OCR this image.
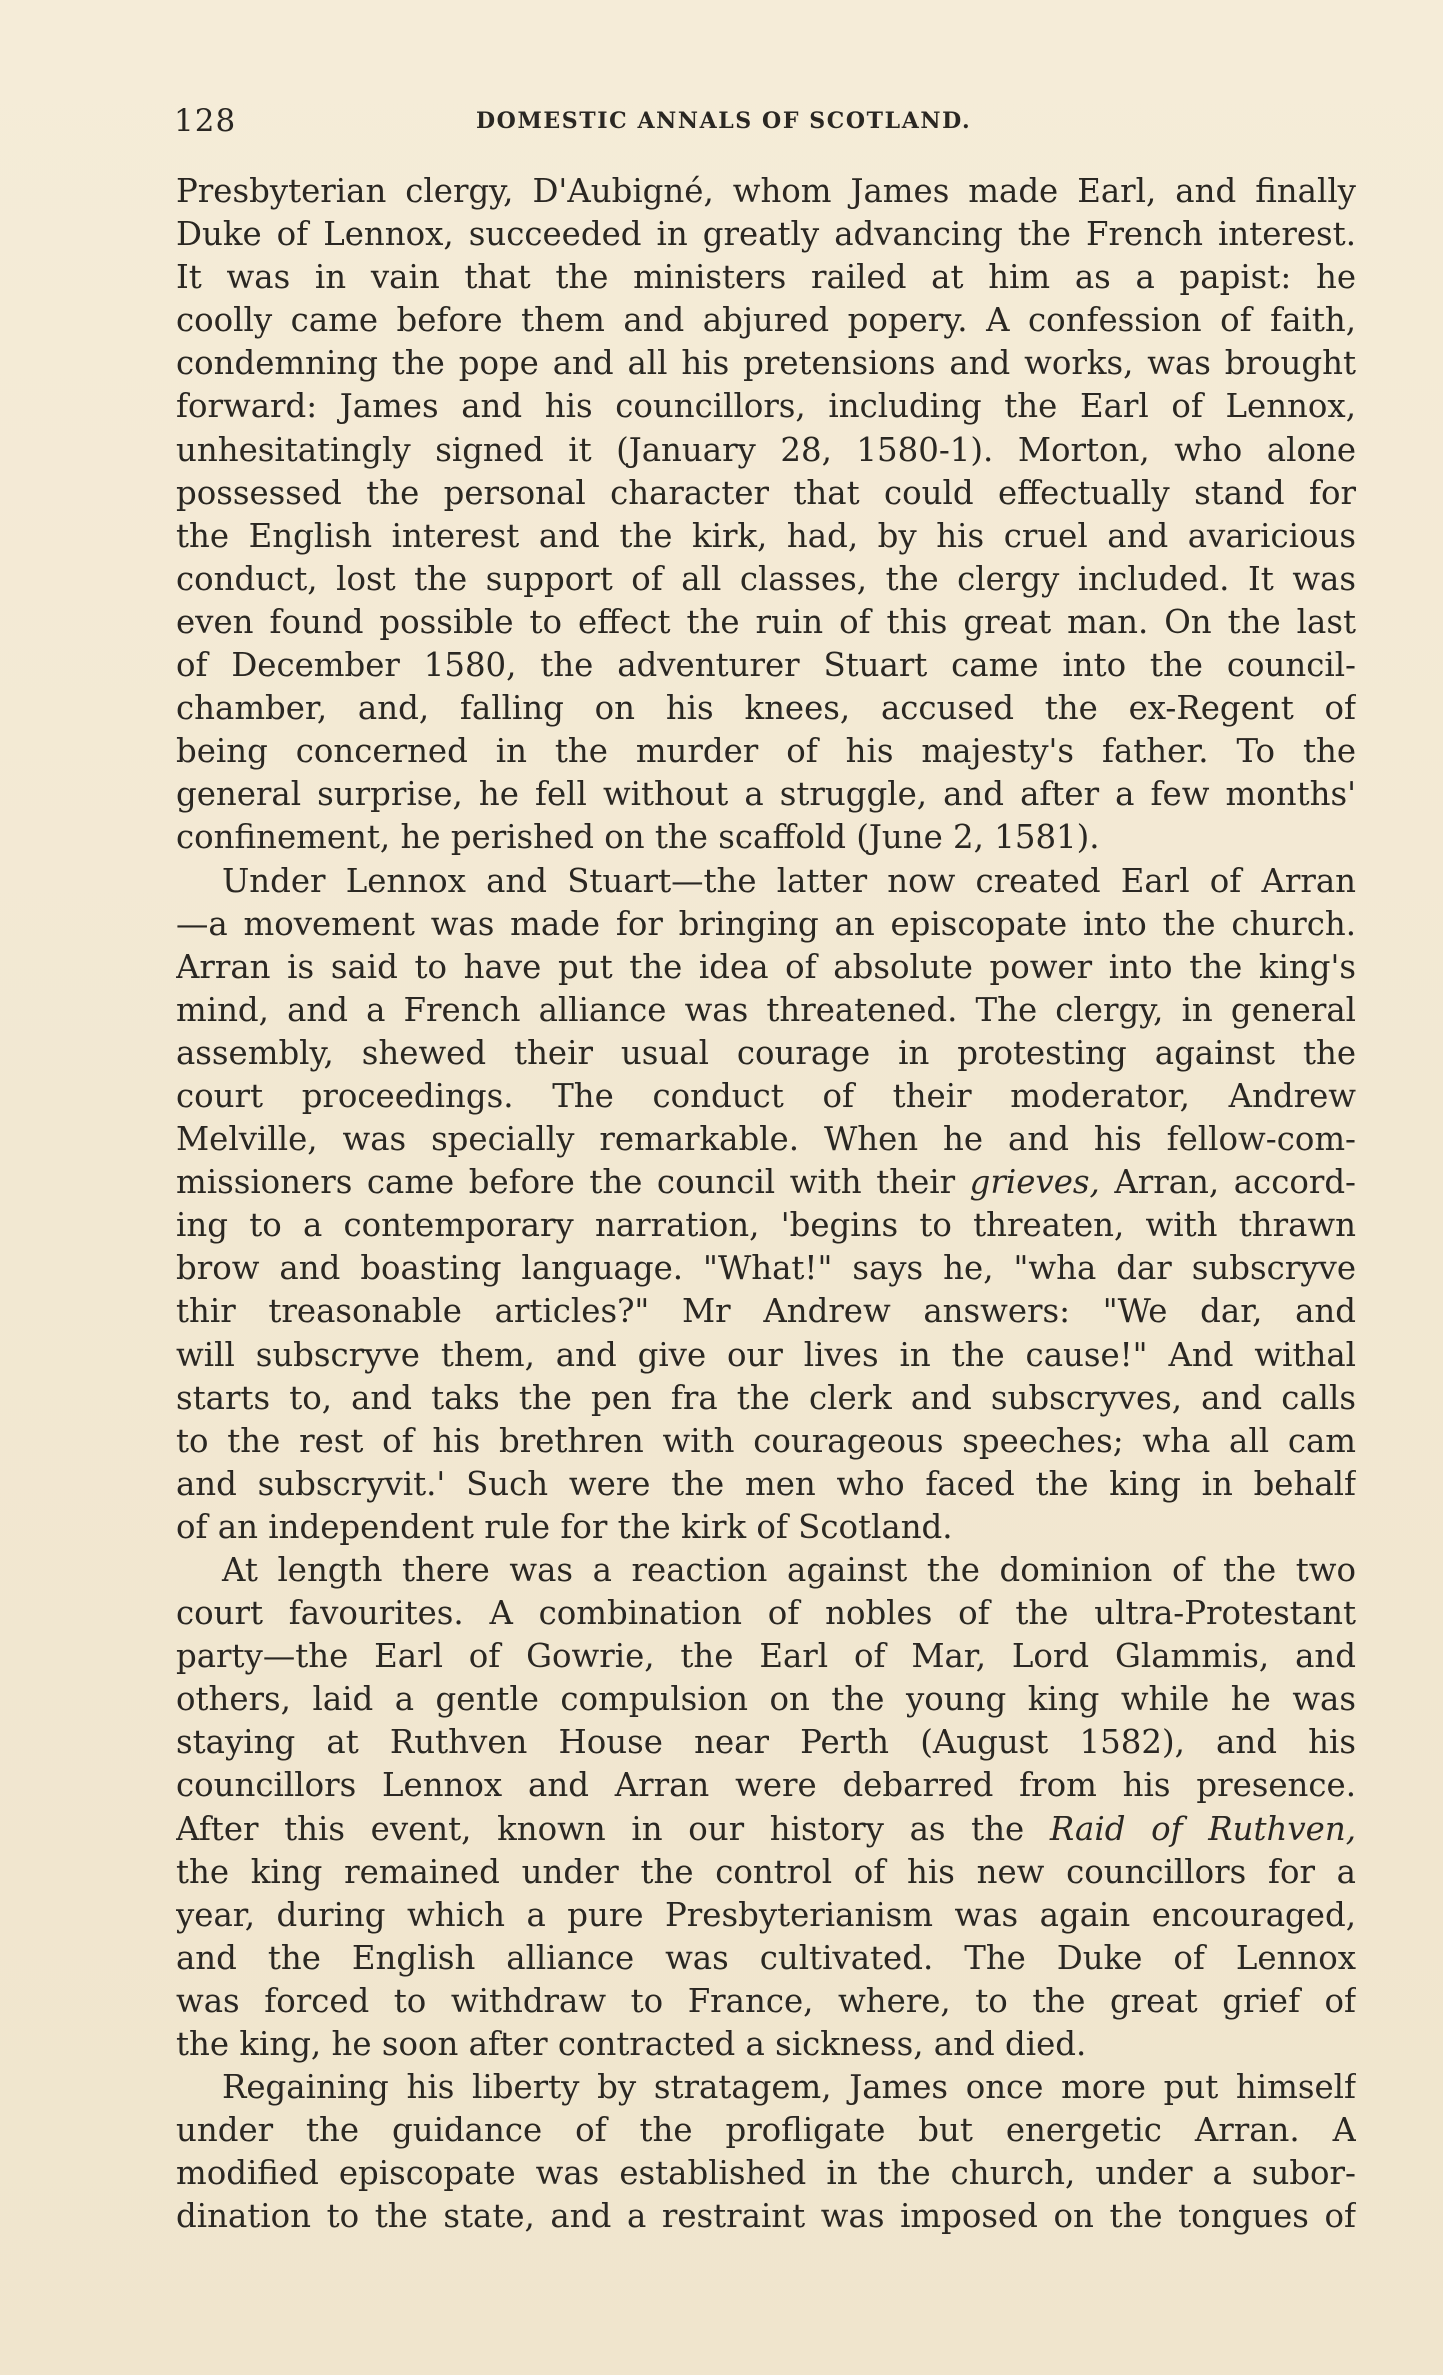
128	DOMESTIC ANNALS OF SCOTLAND.
Presbyterian clergy, D'Aubigné, whom James made Earl, and finally
Duke of Lennox, succeeded in greatly advancing the French interest.
It was in vain that the ministers railed at him as a papist: he
coolly came before them and abjured popery. A confession of faith,
condemning the pope and all his pretensions and works, was brought
forward: James and his councillors, including the Earl of Lennox,
unhesitatingly signed it (January 28, 1580-1). Morton, who alone
possessed the personal character that could effectually stand for
the English interest and the kirk, had, by his cruel and avaricious
conduct, lost the support of all classes, the clergy included. It was
even found possible to effect the ruin of this great man. On the last
of December 1580, the adventurer Stuart came into the council-
chamber, and, falling on his knees, accused the ex-Regent of
being concerned in the murder of his majesty's father. To the
general surprise, he fell without a struggle, and after a few months'
confinement, he perished on the scaffold (June 2, 1581).
Under Lennox and Stuart—the latter now created Earl of Arran
—a movement was made for bringing an episcopate into the church.
Arran is said to have put the idea of absolute power into the king's
mind, and a French alliance was threatened. The clergy, in general
assembly, shewed their usual courage in protesting against the
court proceedings. The conduct of their moderator, Andrew
Melville, was specially remarkable. When he and his fellow-com-
missioners came before the council with their grieves, Arran, accord-
ing to a contemporary narration, 'begins to threaten, with thrawn
brow and boasting language. "What!" says he, "wha dar subscryve
thir treasonable articles?" Mr Andrew answers: "We dar, and
will subscryve them, and give our lives in the cause!" And withal
starts to, and taks the pen fra the clerk and subscryves, and calls
to the rest of his brethren with courageous speeches; wha all cam
and subscryvit.' Such were the men who faced the king in behalf
of an independent rule for the kirk of Scotland.
At length there was a reaction against the dominion of the two
court favourites. A combination of nobles of the ultra-Protestant
party—the Earl of Gowrie, the Earl of Mar, Lord Glammis, and
others, laid a gentle compulsion on the young king while he was
staying at Ruthven House near Perth (August 1582), and his
councillors Lennox and Arran were debarred from his presence.
After this event, known in our history as the Raid of Ruthven,
the king remained under the control of his new councillors for a
year, during which a pure Presbyterianism was again encouraged,
and the English alliance was cultivated. The Duke of Lennox
was forced to withdraw to France, where, to the great grief of
the king, he soon after contracted a sickness, and died.
Regaining his liberty by stratagem, James once more put himself
under the guidance of the profligate but energetic Arran. A
modified episcopate was established in the church, under a subor-
dination to the state, and a restraint was imposed on the tongues of
